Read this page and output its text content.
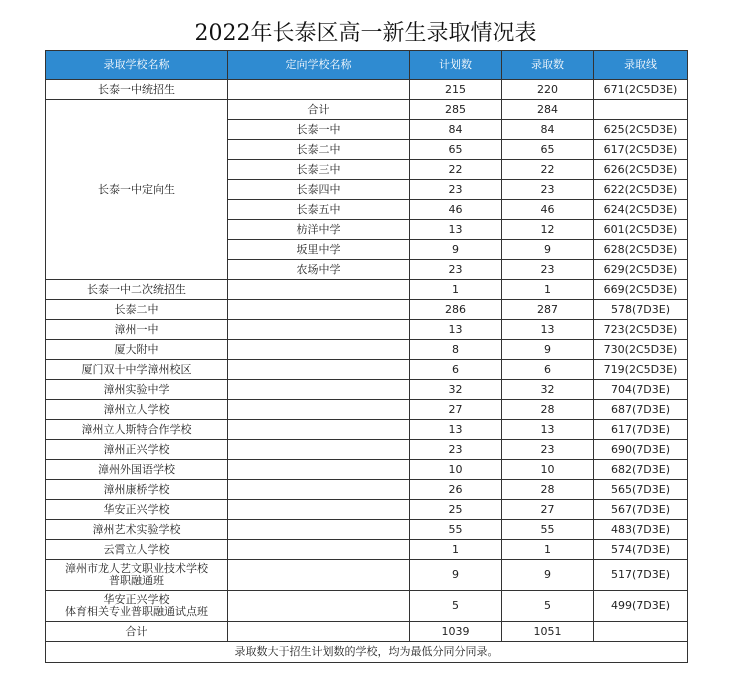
2022年长泰区高一新生录取情况表
录取学校名称	定向学校名称	计划数	录取数	录取线
长泰一中统招生		215	220	671(2C5D3E)
长泰一中定向生	合计	285	284	
	长泰一中	84	84	625(2C5D3E)
	长泰二中	65	65	617(2C5D3E)
	长泰三中	22	22	626(2C5D3E)
	长泰四中	23	23	622(2C5D3E)
	长泰五中	46	46	624(2C5D3E)
	枋洋中学	13	12	601(2C5D3E)
	坂里中学	9	9	628(2C5D3E)
	农场中学	23	23	629(2C5D3E)
长泰一中二次统招生		1	1	669(2C5D3E)
长泰二中		286	287	578(7D3E)
漳州一中		13	13	723(2C5D3E)
厦大附中		8	9	730(2C5D3E)
厦门双十中学漳州校区		6	6	719(2C5D3E)
漳州实验中学		32	32	704(7D3E)
漳州立人学校		27	28	687(7D3E)
漳州立人斯特合作学校		13	13	617(7D3E)
漳州正兴学校		23	23	690(7D3E)
漳州外国语学校		10	10	682(7D3E)
漳州康桥学校		26	28	565(7D3E)
华安正兴学校		25	27	567(7D3E)
漳州艺术实验学校		55	55	483(7D3E)
云霄立人学校		1	1	574(7D3E)

漳州市龙人艺文职业技术学校
普职融通班		9	9	517(7D3E)

华安正兴学校
体育相关专业普职融通试点班		5	5	499(7D3E)
合计		1039	1051	
录取数大于招生计划数的学校，均为最低分同分同录。				
